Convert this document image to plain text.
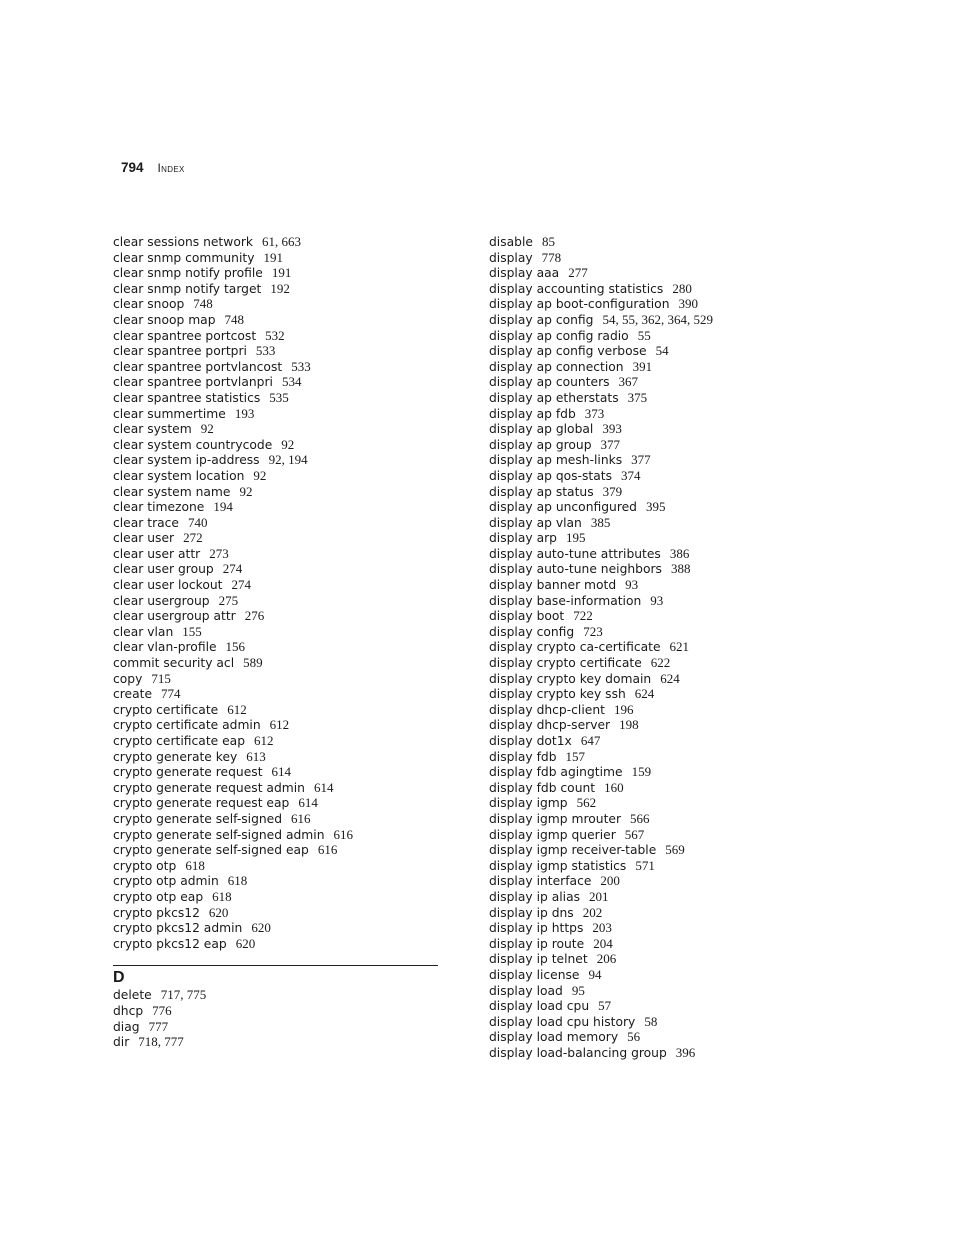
794 Index
clear sessions network 61, 663
clear snmp community 191
clear snmp notify profile 191
clear snmp notify target 192
clear snoop 748
clear snoop map 748
clear spantree portcost 532
clear spantree portpri 533
clear spantree portvlancost 533
clear spantree portvlanpri 534
clear spantree statistics 535
clear summertime 193
clear system 92
clear system countrycode 92
clear system ip-address 92, 194
clear system location 92
clear system name 92
clear timezone 194
clear trace 740
clear user 272
clear user attr 273
clear user group 274
clear user lockout 274
clear usergroup 275
clear usergroup attr 276
clear vlan 155
clear vlan-profile 156
commit security acl 589
copy 715
create 774
crypto certificate 612
crypto certificate admin 612
crypto certificate eap 612
crypto generate key 613
crypto generate request 614
crypto generate request admin 614
crypto generate request eap 614
crypto generate self-signed 616
crypto generate self-signed admin 616
crypto generate self-signed eap 616
crypto otp 618
crypto otp admin 618
crypto otp eap 618
crypto pkcs12 620
crypto pkcs12 admin 620
crypto pkcs12 eap 620
D
delete 717, 775
dhcp 776
diag 777
dir 718, 777
disable 85
display 778
display aaa 277
display accounting statistics 280
display ap boot-configuration 390
display ap config 54, 55, 362, 364, 529
display ap config radio 55
display ap config verbose 54
display ap connection 391
display ap counters 367
display ap etherstats 375
display ap fdb 373
display ap global 393
display ap group 377
display ap mesh-links 377
display ap qos-stats 374
display ap status 379
display ap unconfigured 395
display ap vlan 385
display arp 195
display auto-tune attributes 386
display auto-tune neighbors 388
display banner motd 93
display base-information 93
display boot 722
display config 723
display crypto ca-certificate 621
display crypto certificate 622
display crypto key domain 624
display crypto key ssh 624
display dhcp-client 196
display dhcp-server 198
display dot1x 647
display fdb 157
display fdb agingtime 159
display fdb count 160
display igmp 562
display igmp mrouter 566
display igmp querier 567
display igmp receiver-table 569
display igmp statistics 571
display interface 200
display ip alias 201
display ip dns 202
display ip https 203
display ip route 204
display ip telnet 206
display license 94
display load 95
display load cpu 57
display load cpu history 58
display load memory 56
display load-balancing group 396
